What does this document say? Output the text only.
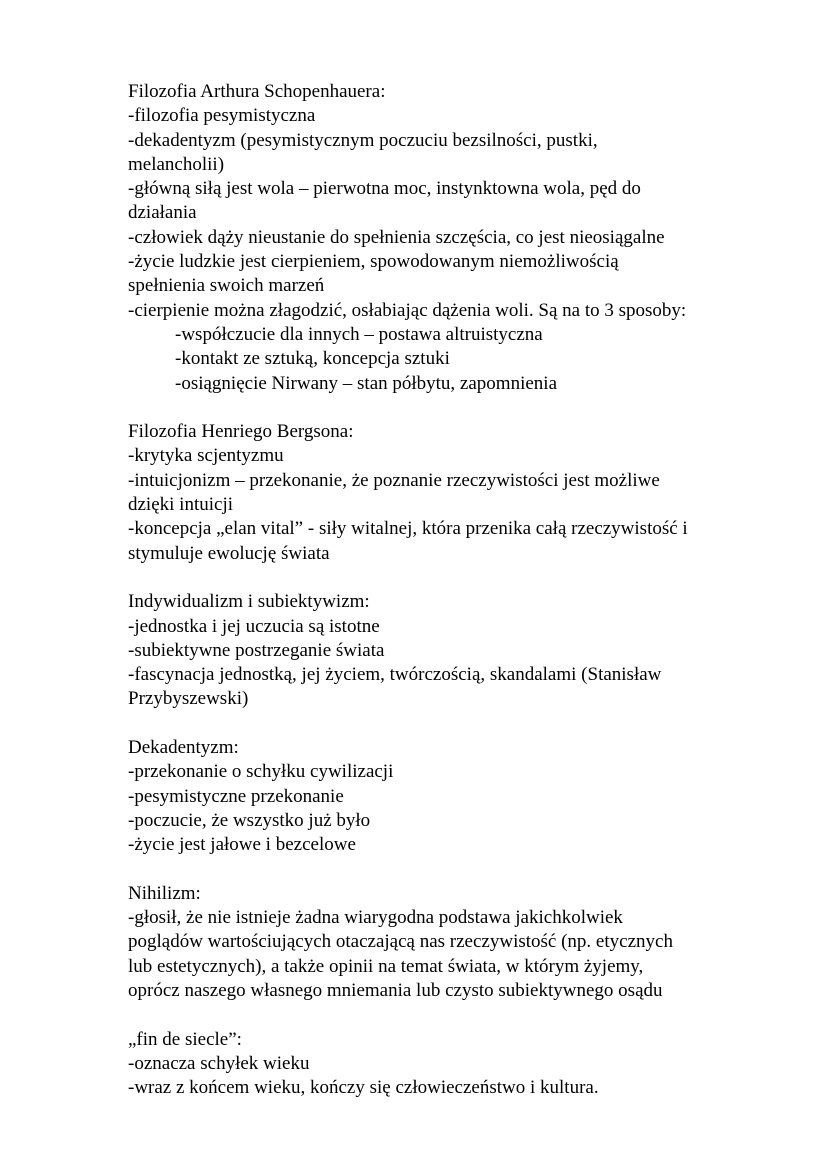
Filozofia Arthura Schopenhauera:
-filozofia pesymistyczna
-dekadentyzm (pesymistycznym poczuciu bezsilności, pustki,
melancholii)
-główną siłą jest wola – pierwotna moc, instynktowna wola, pęd do
działania
-człowiek dąży nieustanie do spełnienia szczęścia, co jest nieosiągalne
-życie ludzkie jest cierpieniem, spowodowanym niemożliwością
spełnienia swoich marzeń
-cierpienie można złagodzić, osłabiając dążenia woli. Są na to 3 sposoby:
-współczucie dla innych – postawa altruistyczna
-kontakt ze sztuką, koncepcja sztuki
-osiągnięcie Nirwany – stan półbytu, zapomnienia
Filozofia Henriego Bergsona:
-krytyka scjentyzmu
-intuicjonizm – przekonanie, że poznanie rzeczywistości jest możliwe
dzięki intuicji
-koncepcja „elan vital” - siły witalnej, która przenika całą rzeczywistość i
stymuluje ewolucję świata
Indywidualizm i subiektywizm:
-jednostka i jej uczucia są istotne
-subiektywne postrzeganie świata
-fascynacja jednostką, jej życiem, twórczością, skandalami (Stanisław
Przybyszewski)
Dekadentyzm:
-przekonanie o schyłku cywilizacji
-pesymistyczne przekonanie
-poczucie, że wszystko już było
-życie jest jałowe i bezcelowe
Nihilizm:
-głosił, że nie istnieje żadna wiarygodna podstawa jakichkolwiek
poglądów wartościujących otaczającą nas rzeczywistość (np. etycznych
lub estetycznych), a także opinii na temat świata, w którym żyjemy,
oprócz naszego własnego mniemania lub czysto subiektywnego osądu
„fin de siecle”:
-oznacza schyłek wieku
-wraz z końcem wieku, kończy się człowieczeństwo i kultura.
